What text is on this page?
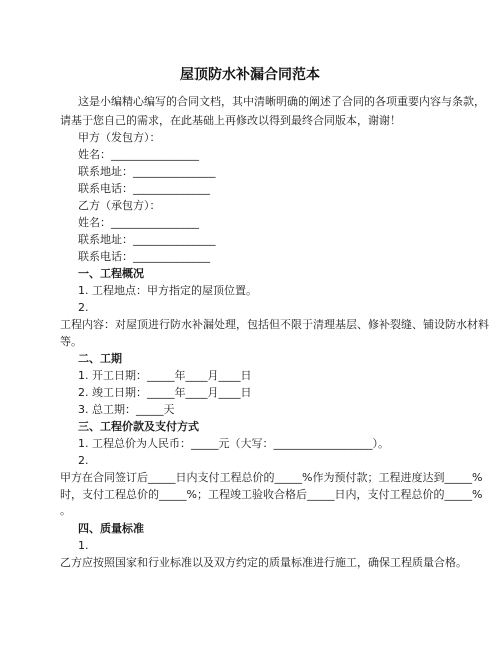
屋顶防水补漏合同范本
这是小编精心编写的合同文档，其中清晰明确的阐述了合同的各项重要内容与条款，
请基于您自己的需求，在此基础上再修改以得到最终合同版本，谢谢！
甲方（发包方）：
姓名：________________
联系地址：_______________
联系电话：______________
乙方（承包方）：
姓名：________________
联系地址：_______________
联系电话：______________
一、工程概况
1. 工程地点：甲方指定的屋顶位置。
2.
工程内容：对屋顶进行防水补漏处理，包括但不限于清理基层、修补裂缝、铺设防水材料
等。
二、工期
1. 开工日期：_____年____月____日
2. 竣工日期：_____年____月____日
3. 总工期：_____天
三、工程价款及支付方式
1. 工程总价为人民币：_____元（大写：__________________）。
2.
甲方在合同签订后_____日内支付工程总价的_____%作为预付款；工程进度达到_____%
时，支付工程总价的_____%；工程竣工验收合格后_____日内，支付工程总价的_____%
。
四、质量标准
1.
乙方应按照国家和行业标准以及双方约定的质量标准进行施工，确保工程质量合格。
